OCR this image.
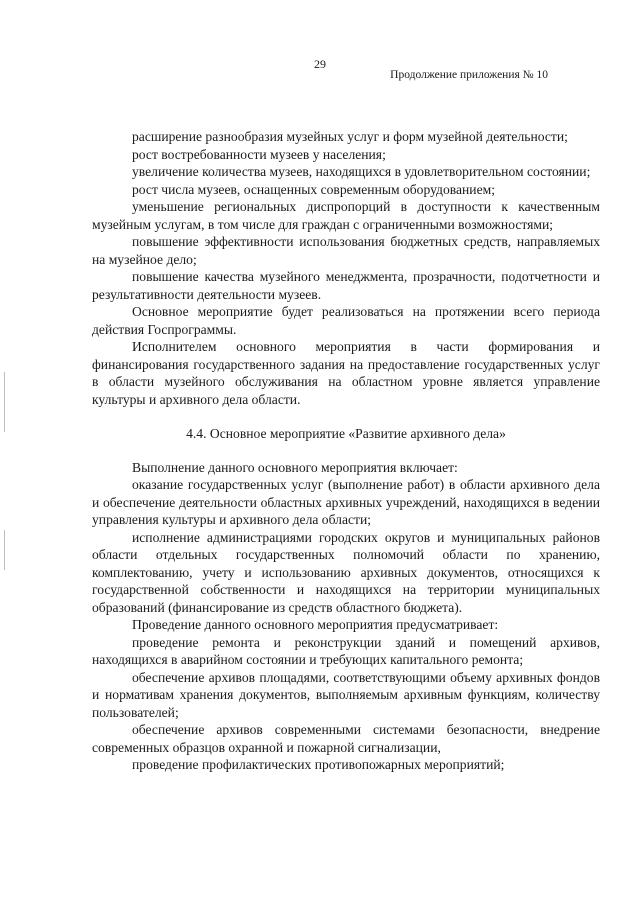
29
Продолжение приложения № 10

расширение разнообразия музейных услуг и форм музейной деятельности;

рост востребованности музеев у населения;

увеличение количества музеев, находящихся в удовлетворительном состоянии;

рост числа музеев, оснащенных современным оборудованием;

уменьшение региональных диспропорций в доступности к качественным музейным услугам, в том числе для граждан с ограниченными возможностями;

повышение эффективности использования бюджетных средств, направляемых на музейное дело;

повышение качества музейного менеджмента, прозрачности, подотчетности и результативности деятельности музеев.

Основное мероприятие будет реализоваться на протяжении всего периода действия Госпрограммы.

Исполнителем основного мероприятия в части формирования и финансирования государственного задания на предоставление государственных услуг в области музейного обслуживания на областном уровне является управление культуры и архивного дела области.

4.4. Основное мероприятие «Развитие архивного дела»

Выполнение данного основного мероприятия включает:

оказание государственных услуг (выполнение работ) в области архивного дела и обеспечение деятельности областных архивных учреждений, находящихся в ведении управления культуры и архивного дела области;

исполнение администрациями городских округов и муниципальных районов области отдельных государственных полномочий области по хранению, комплектованию, учету и использованию архивных документов, относящихся к государственной собственности и находящихся на территории муниципальных образований (финансирование из средств областного бюджета).

Проведение данного основного мероприятия предусматривает:

проведение ремонта и реконструкции зданий и помещений архивов, находящихся в аварийном состоянии и требующих капитального ремонта;

обеспечение архивов площадями, соответствующими объему архивных фондов и нормативам хранения документов, выполняемым архивным функциям, количеству пользователей;

обеспечение архивов современными системами безопасности, внедрение современных образцов охранной и пожарной сигнализации,

проведение профилактических противопожарных мероприятий;
